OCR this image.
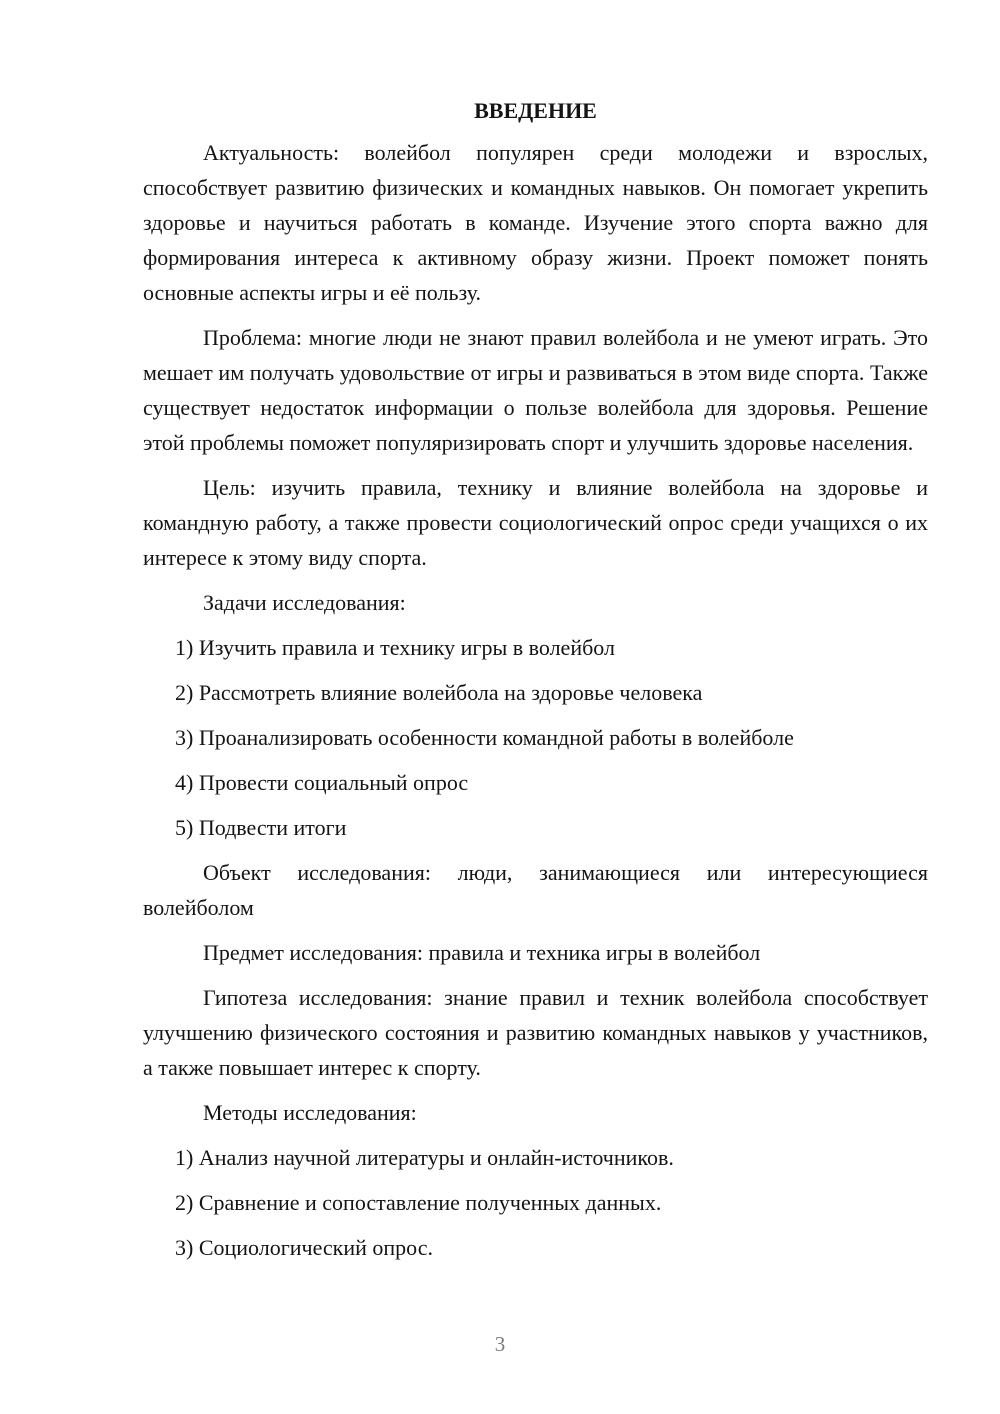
ВВЕДЕНИЕ

Актуальность: волейбол популярен среди молодежи и взрослых, способствует развитию физических и командных навыков. Он помогает укрепить здоровье и научиться работать в команде. Изучение этого спорта важно для формирования интереса к активному образу жизни. Проект поможет понять основные аспекты игры и её пользу.

Проблема: многие люди не знают правил волейбола и не умеют играть. Это мешает им получать удовольствие от игры и развиваться в этом виде спорта. Также существует недостаток информации о пользе волейбола для здоровья. Решение этой проблемы поможет популяризировать спорт и улучшить здоровье населения.

Цель: изучить правила, технику и влияние волейбола на здоровье и командную работу, а также провести социологический опрос среди учащихся о их интересе к этому виду спорта.

Задачи исследования:

1) Изучить правила и технику игры в волейбол

2) Рассмотреть влияние волейбола на здоровье человека

3) Проанализировать особенности командной работы в волейболе

4) Провести социальный опрос

5) Подвести итоги

Объект исследования: люди, занимающиеся или интересующиеся волейболом

Предмет исследования: правила и техника игры в волейбол

Гипотеза исследования: знание правил и техник волейбола способствует улучшению физического состояния и развитию командных навыков у участников, а также повышает интерес к спорту.

Методы исследования:

1) Анализ научной литературы и онлайн-источников.

2) Сравнение и сопоставление полученных данных.

3) Социологический опрос.

3
